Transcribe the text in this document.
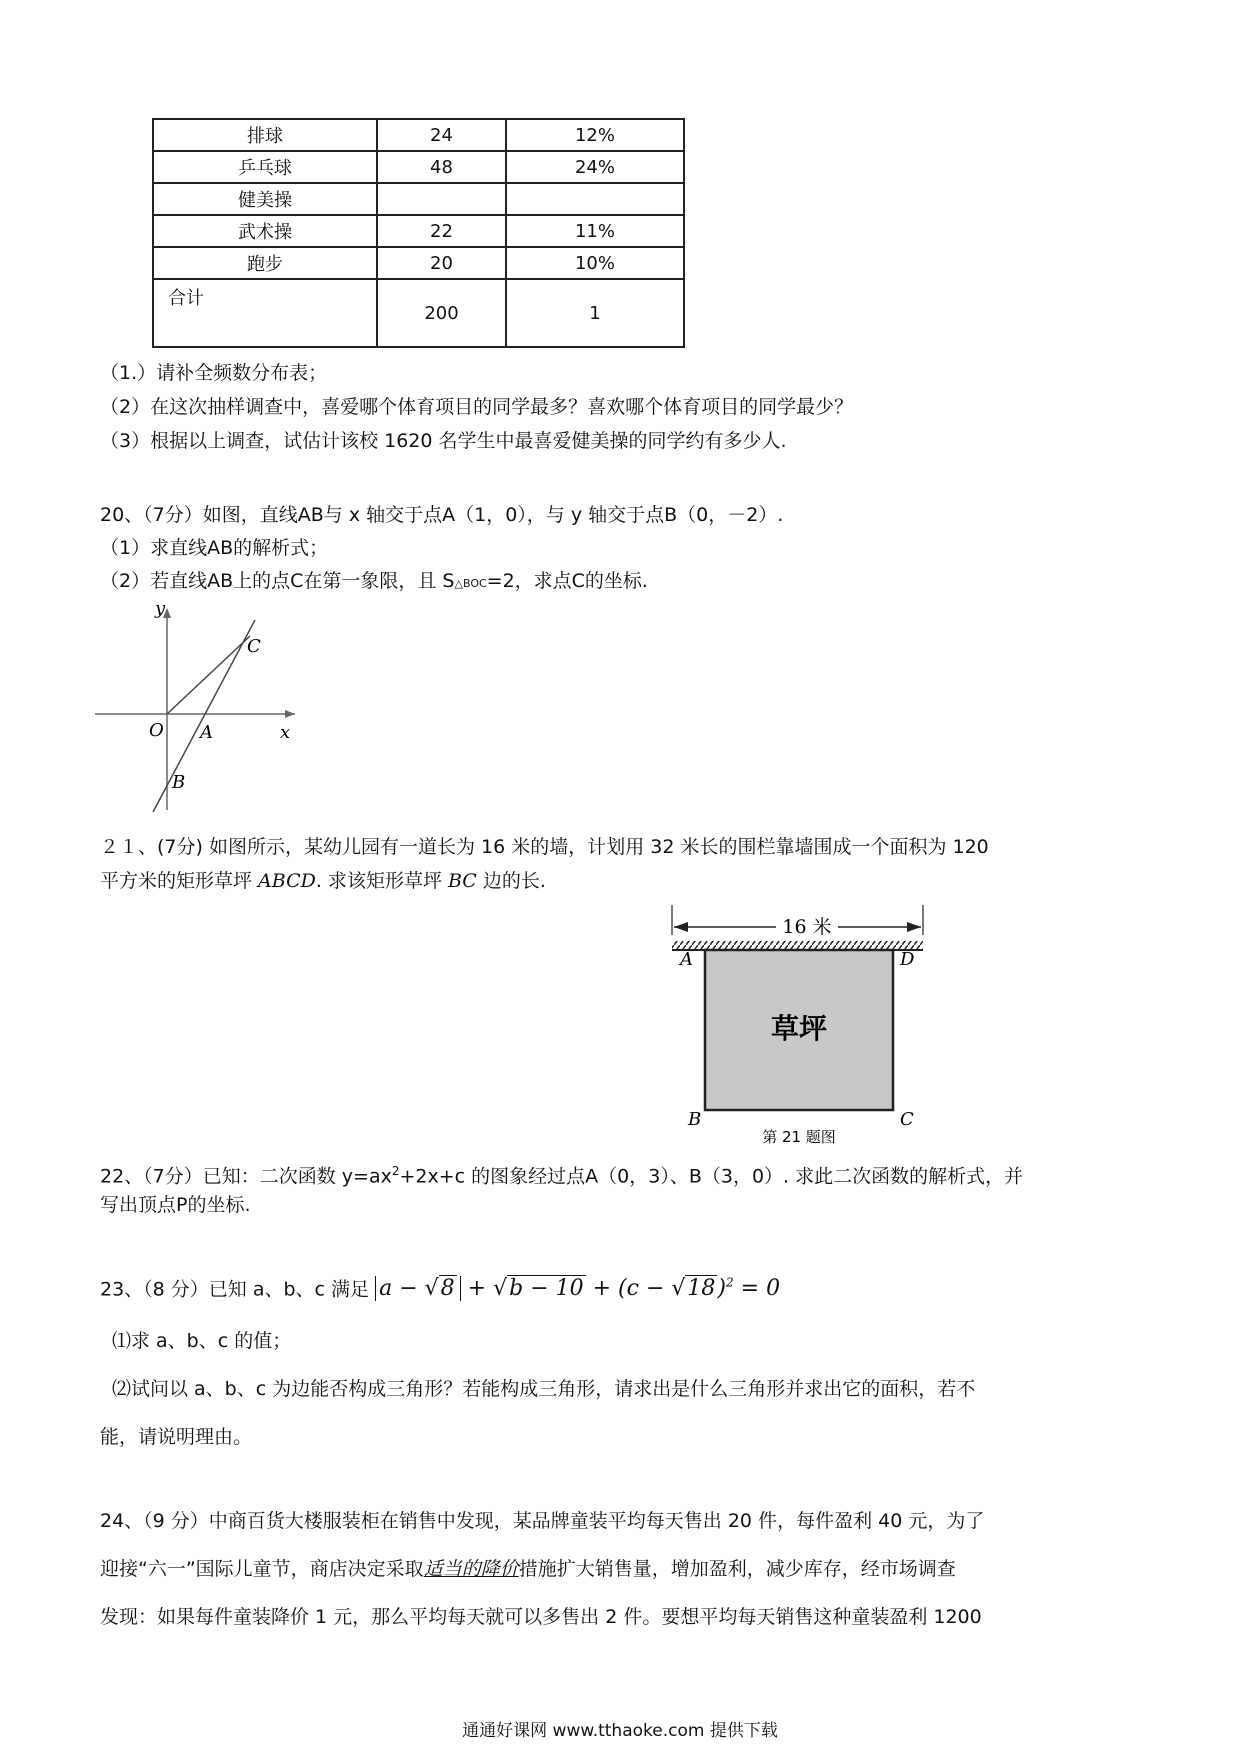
排球	24	12%
乒乓球	48	24%
健美操		
武术操	22	11%
跑步	20	10%
合计	200	1
（1.）请补全频数分布表；
（2）在这次抽样调查中，喜爱哪个体育项目的同学最多？喜欢哪个体育项目的同学最少？
（3）根据以上调查，试估计该校 1620 名学生中最喜爱健美操的同学约有多少人.
20、（7分）如图，直线AB与 x 轴交于点A（1，0），与 y 轴交于点B（0，－2）.
（1）求直线AB的解析式；
（2）若直线AB上的点C在第一象限，且 S△BOC=2，求点C的坐标.
y
x
O A
B
C
２１、(7分) 如图所示，某幼儿园有一道长为 16 米的墙，计划用 32 米长的围栏靠墙围成一个面积为 120
平方米的矩形草坪 ABCD. 求该矩形草坪 BC 边的长.
16 米
草坪
A	D
B	C
第 21 题图
22、（7分）已知：二次函数 $y=ax^2+2x+c$ 的图象经过点A（0，3）、B（3，0）. 求此二次函数的解析式，并
写出顶点P的坐标.
23、（8 分）已知 a、b、c 满足 $a - √8 + √b - 10 + (c - √18)^2 = 0$
⑴求 a、b、c 的值；
⑵试问以 a、b、c 为边能否构成三角形？若能构成三角形，请求出是什么三角形并求出它的面积，若不
能，请说明理由。
24、（9 分）中商百货大楼服装柜在销售中发现，某品牌童装平均每天售出 20 件，每件盈利 40 元，为了
迎接“六一”国际儿童节，商店决定采取适当的降价措施扩大销售量，增加盈利，减少库存，经市场调查
发现：如果每件童装降价 1 元，那么平均每天就可以多售出 2 件。要想平均每天销售这种童装盈利 1200
通通好课网 www.tthaoke.com 提供下载
